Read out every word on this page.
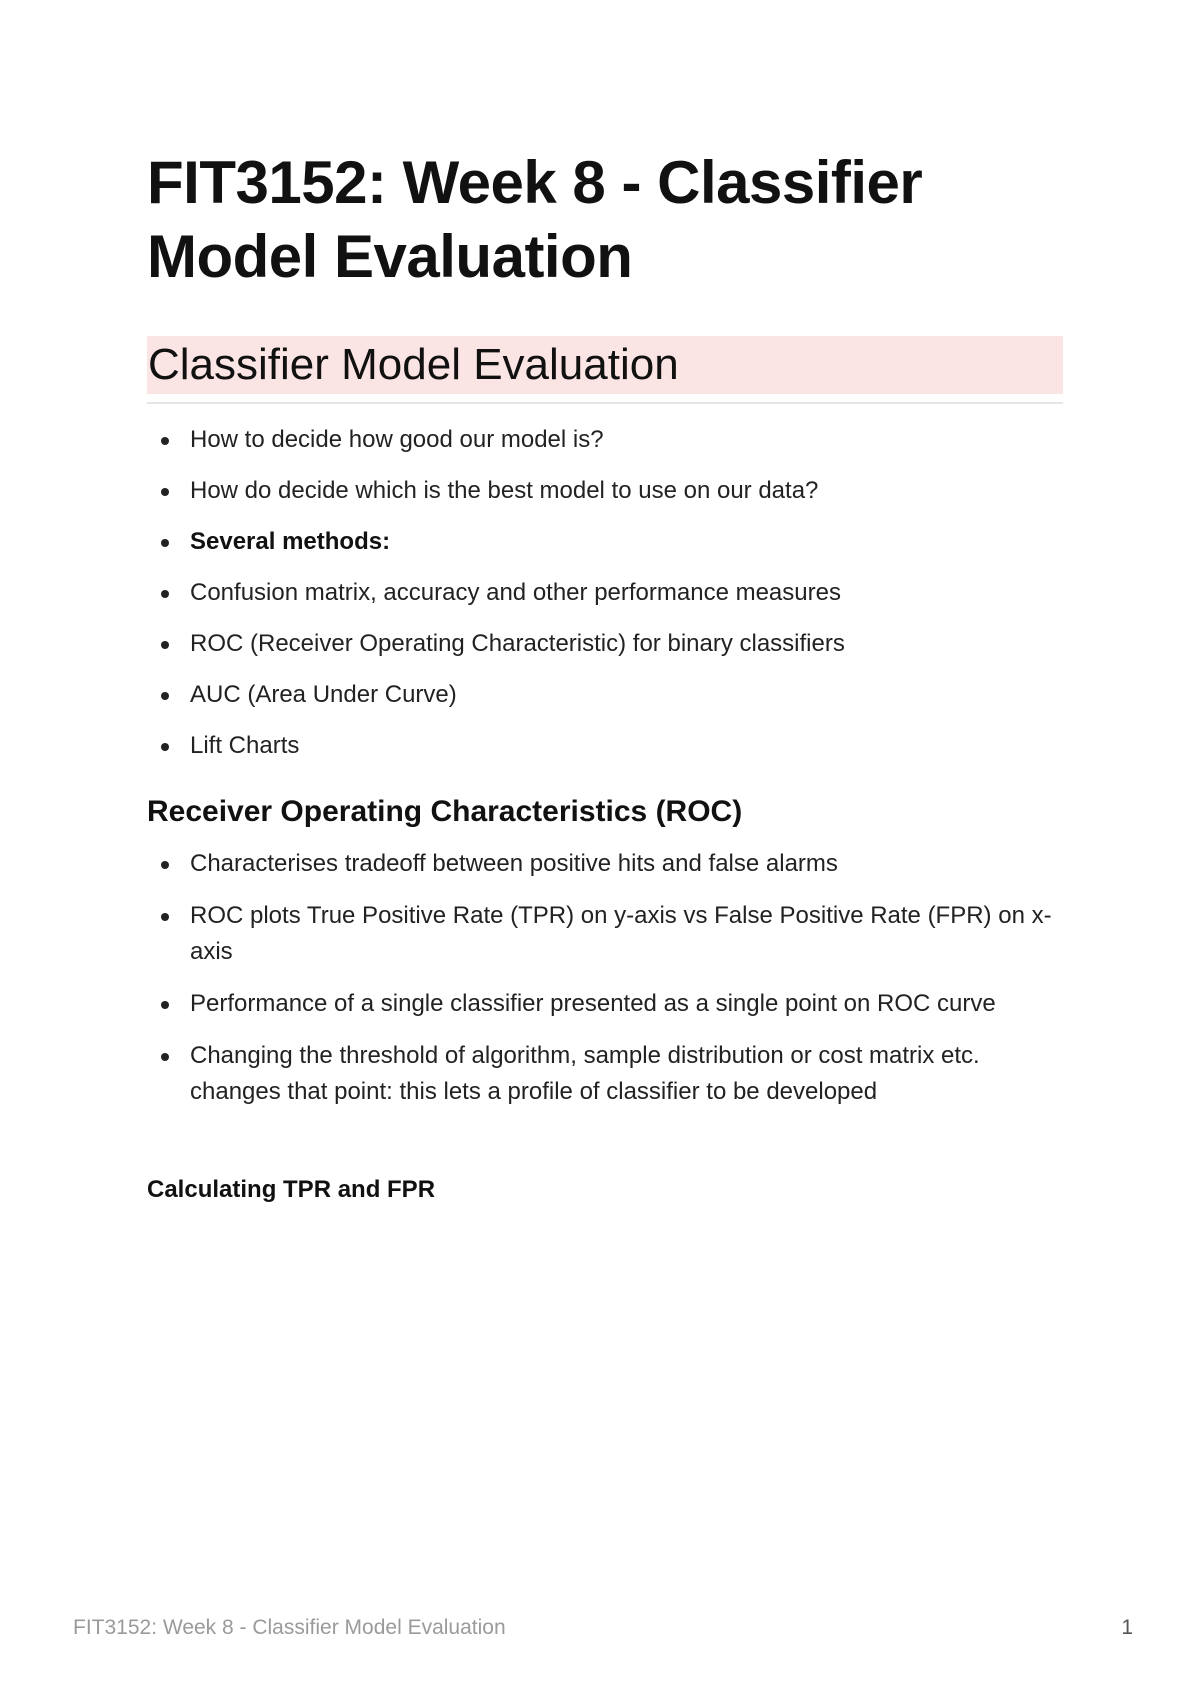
FIT3152: Week 8 - Classifier Model Evaluation
Classifier Model Evaluation
How to decide how good our model is?
How do decide which is the best model to use on our data?
Several methods:
Confusion matrix, accuracy and other performance measures
ROC (Receiver Operating Characteristic) for binary classifiers
AUC (Area Under Curve)
Lift Charts
Receiver Operating Characteristics (ROC)
Characterises tradeoff between positive hits and false alarms
ROC plots True Positive Rate (TPR) on y-axis vs False Positive Rate (FPR) on x-axis
Performance of a single classifier presented as a single point on ROC curve
Changing the threshold of algorithm, sample distribution or cost matrix etc. changes that point: this lets a profile of classifier to be developed
Calculating TPR and FPR
FIT3152: Week 8 - Classifier Model Evaluation	1
